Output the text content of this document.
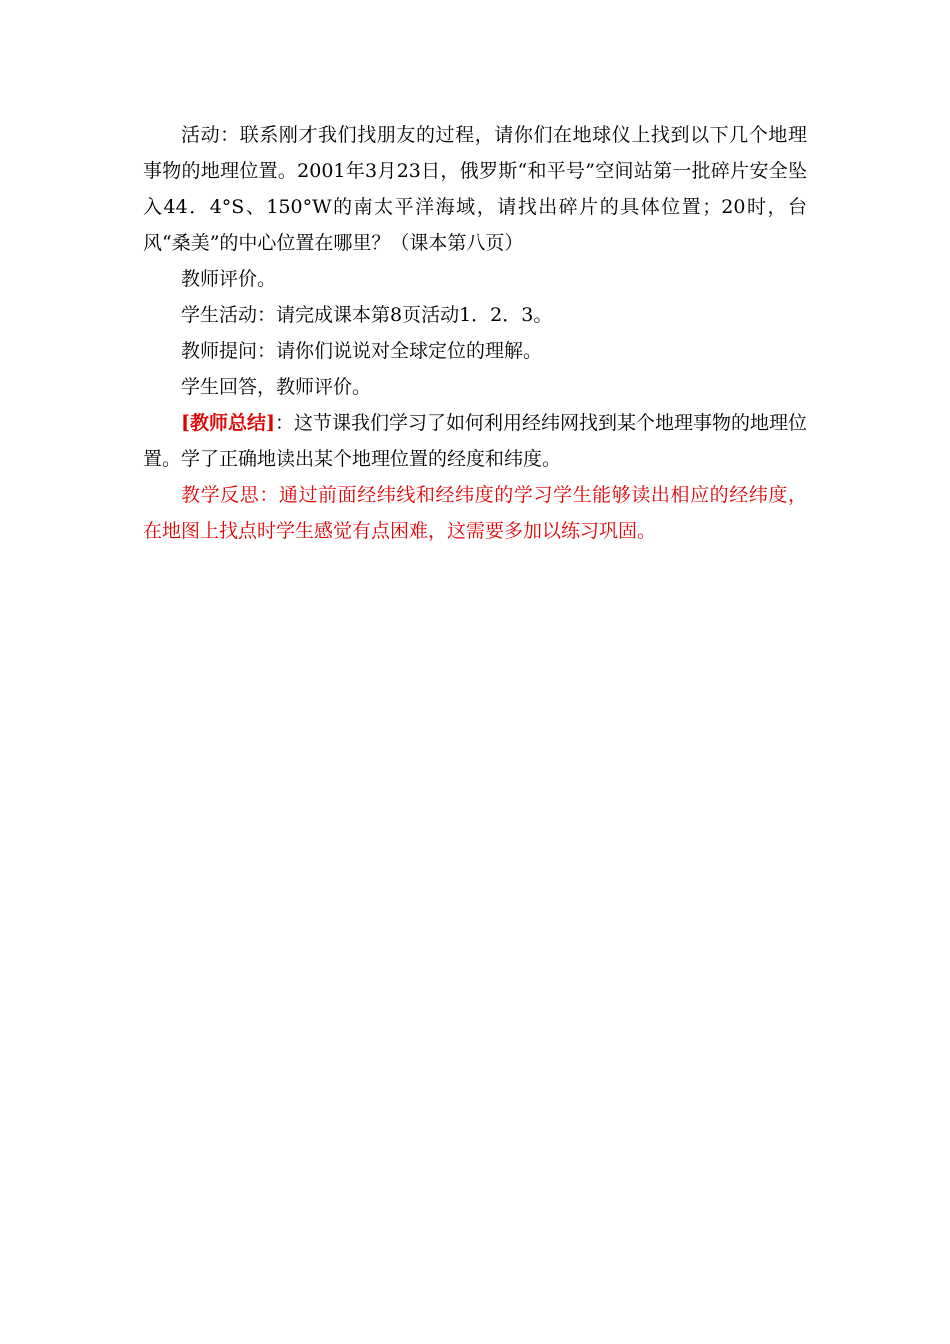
活动：联系刚才我们找朋友的过程，请你们在地球仪上找到以下几个地理事物的地理位置。2001年3月23日，俄罗斯“和平号”空间站第一批碎片安全坠入44．4°S、150°W的南太平洋海域，请找出碎片的具体位置；20时，台风“桑美”的中心位置在哪里？（课本第八页）

教师评价。

学生活动：请完成课本第8页活动1．2．3。

教师提问：请你们说说对全球定位的理解。

学生回答，教师评价。

[教师总结]：这节课我们学习了如何利用经纬网找到某个地理事物的地理位置。学了正确地读出某个地理位置的经度和纬度。

教学反思：通过前面经纬线和经纬度的学习学生能够读出相应的经纬度，在地图上找点时学生感觉有点困难，这需要多加以练习巩固。
